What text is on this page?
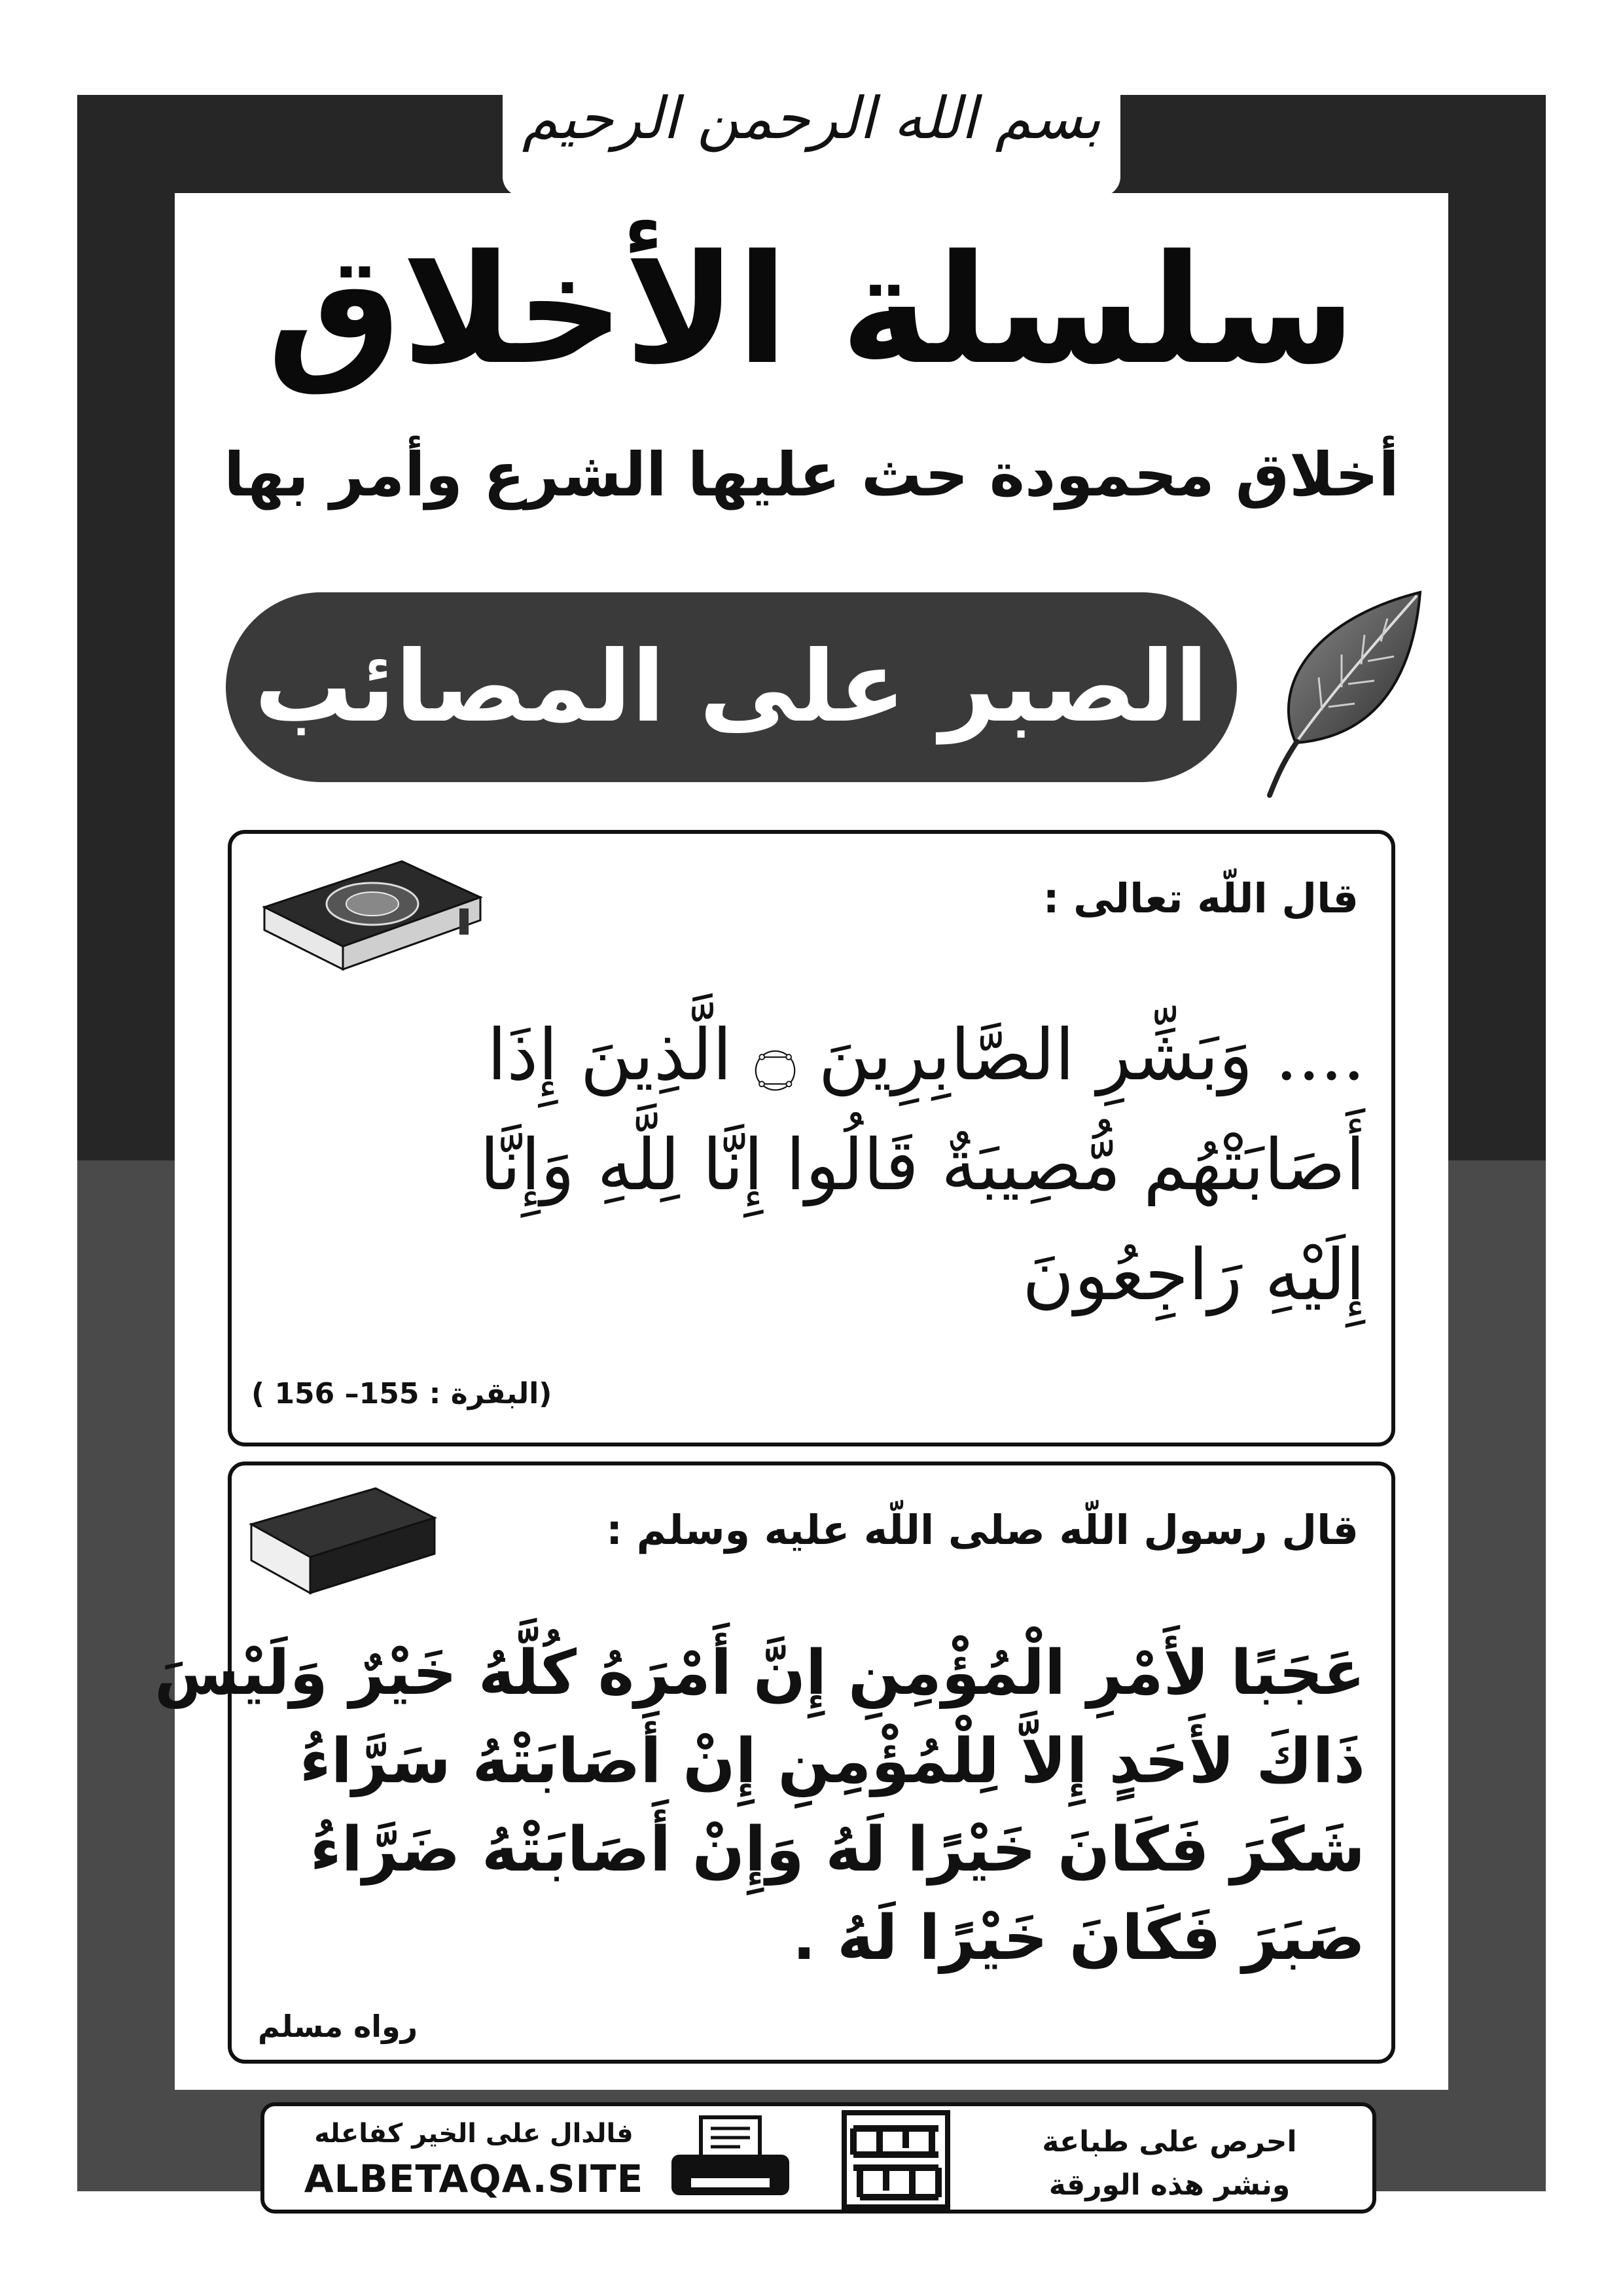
بسم الله الرحمن الرحيم
سلسلة الأخلاق
أخلاق محمودة حث عليها الشرع وأمر بها
الصبر على المصائب
قال اللّه تعالى :
.... وَبَشِّرِ الصَّابِرِينَ ۝ الَّذِينَ إِذَا
أَصَابَتْهُم مُّصِيبَةٌ قَالُوا إِنَّا لِلَّهِ وَإِنَّا
إِلَيْهِ رَاجِعُونَ
(البقرة : 155– 156 )
قال رسول اللّه صلى اللّه عليه وسلم :
عَجَبًا لأَمْرِ الْمُؤْمِنِ إِنَّ أَمْرَهُ كُلَّهُ خَيْرٌ وَلَيْسَ
ذَاكَ لأَحَدٍ إِلاَّ لِلْمُؤْمِنِ إِنْ أَصَابَتْهُ سَرَّاءُ
شَكَرَ فَكَانَ خَيْرًا لَهُ وَإِنْ أَصَابَتْهُ ضَرَّاءُ
صَبَرَ فَكَانَ خَيْرًا لَهُ .
رواه مسلم
فالدال على الخير كفاعله
ALBETAQA.SITE
احرص على طباعة
ونشر هذه الورقة
